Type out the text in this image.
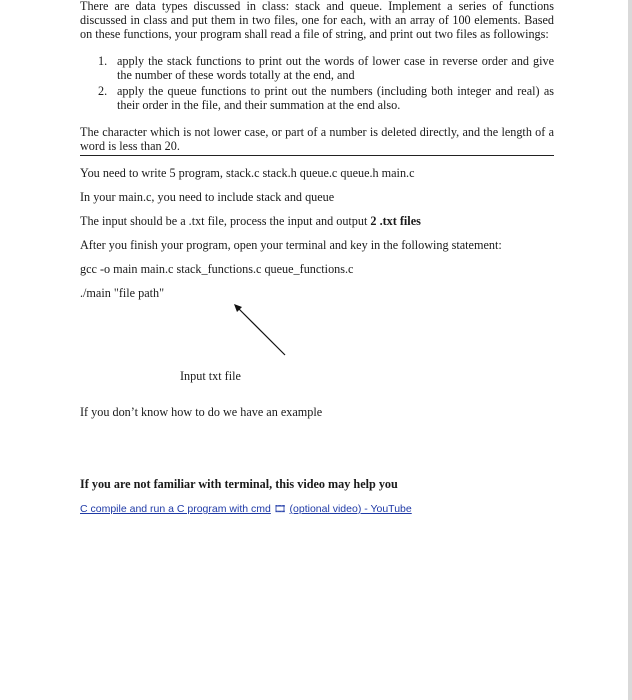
There are data types discussed in class: stack and queue. Implement a series of functions discussed in class and put them in two files, one for each, with an array of 100 elements. Based on these functions, your program shall read a file of string, and print out two files as followings:

1. apply the stack functions to print out the words of lower case in reverse order and give the number of these words totally at the end, and
2. apply the queue functions to print out the numbers (including both integer and real) as their order in the file, and their summation at the end also.

The character which is not lower case, or part of a number is deleted directly, and the length of a word is less than 20.

You need to write 5 program, stack.c stack.h queue.c queue.h main.c

In your main.c, you need to include stack and queue

The input should be a .txt file, process the input and output 2 .txt files

After you finish your program, open your terminal and key in the following statement:

gcc -o main main.c stack_functions.c queue_functions.c

./main "file path"

Input txt file

If you don’t know how to do we have an example

If you are not familiar with terminal, this video may help you

C compile and run a C program with cmd 🎞 (optional video) - YouTube
